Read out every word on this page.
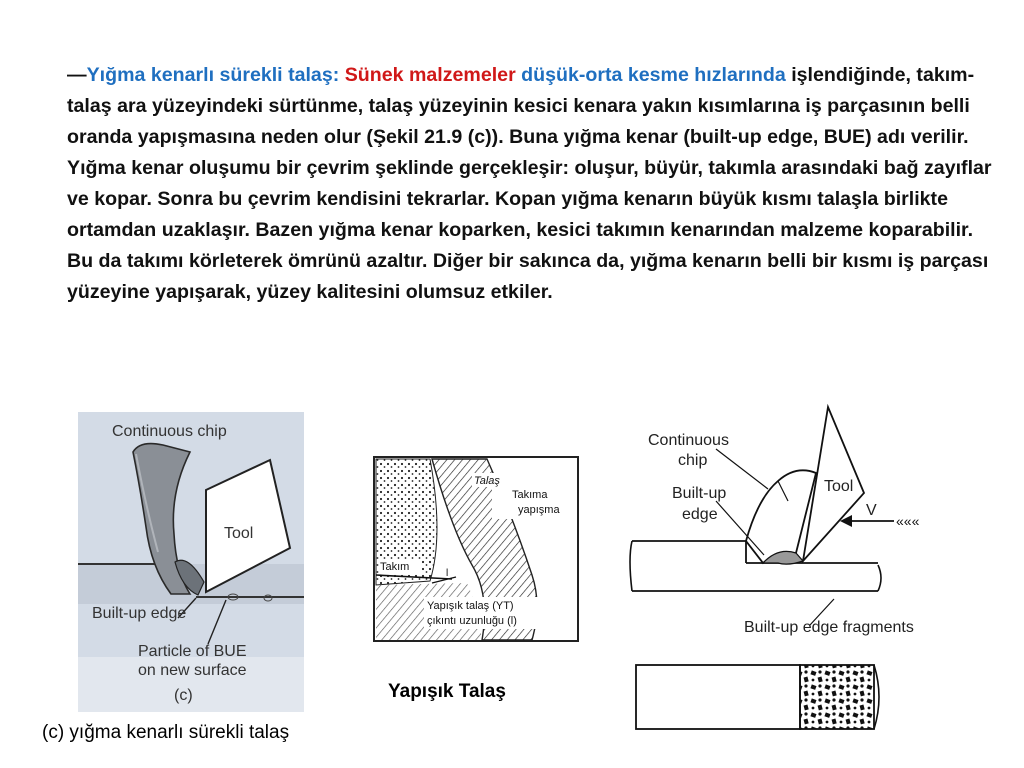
—Yığma kenarlı sürekli talaş: Sünek malzemeler düşük-orta kesme hızlarında işlendiğinde, takım-talaş ara yüzeyindeki sürtünme, talaş yüzeyinin kesici kenara yakın kısımlarına iş parçasının belli oranda yapışmasına neden olur (Şekil 21.9 (c)). Buna yığma kenar (built-up edge, BUE) adı verilir. Yığma kenar oluşumu bir çevrim şeklinde gerçekleşir: oluşur, büyür, takımla arasındaki bağ zayıflar ve kopar. Sonra bu çevrim kendisini tekrarlar. Kopan yığma kenarın büyük kısmı talaşla birlikte ortamdan uzaklaşır. Bazen yığma kenar koparken, kesici takımın kenarından malzeme koparabilir. Bu da takımı körleterek ömrünü azaltır. Diğer bir sakınca da, yığma kenarın belli bir kısmı iş parçası yüzeyine yapışarak, yüzey kalitesini olumsuz etkiler.

Continuous chip
Tool
Built-up edge
Particle of BUE
on new surface
(c)
Talaş
Takıma
yapışma
Takım
Yapışık talaş (YT)
çıkıntı uzunluğu (l)
l
«««
Continuous
chip
Built-up
edge
Tool
V
Built-up edge fragments

Yapışık Talaş

(c) yığma kenarlı sürekli talaş
